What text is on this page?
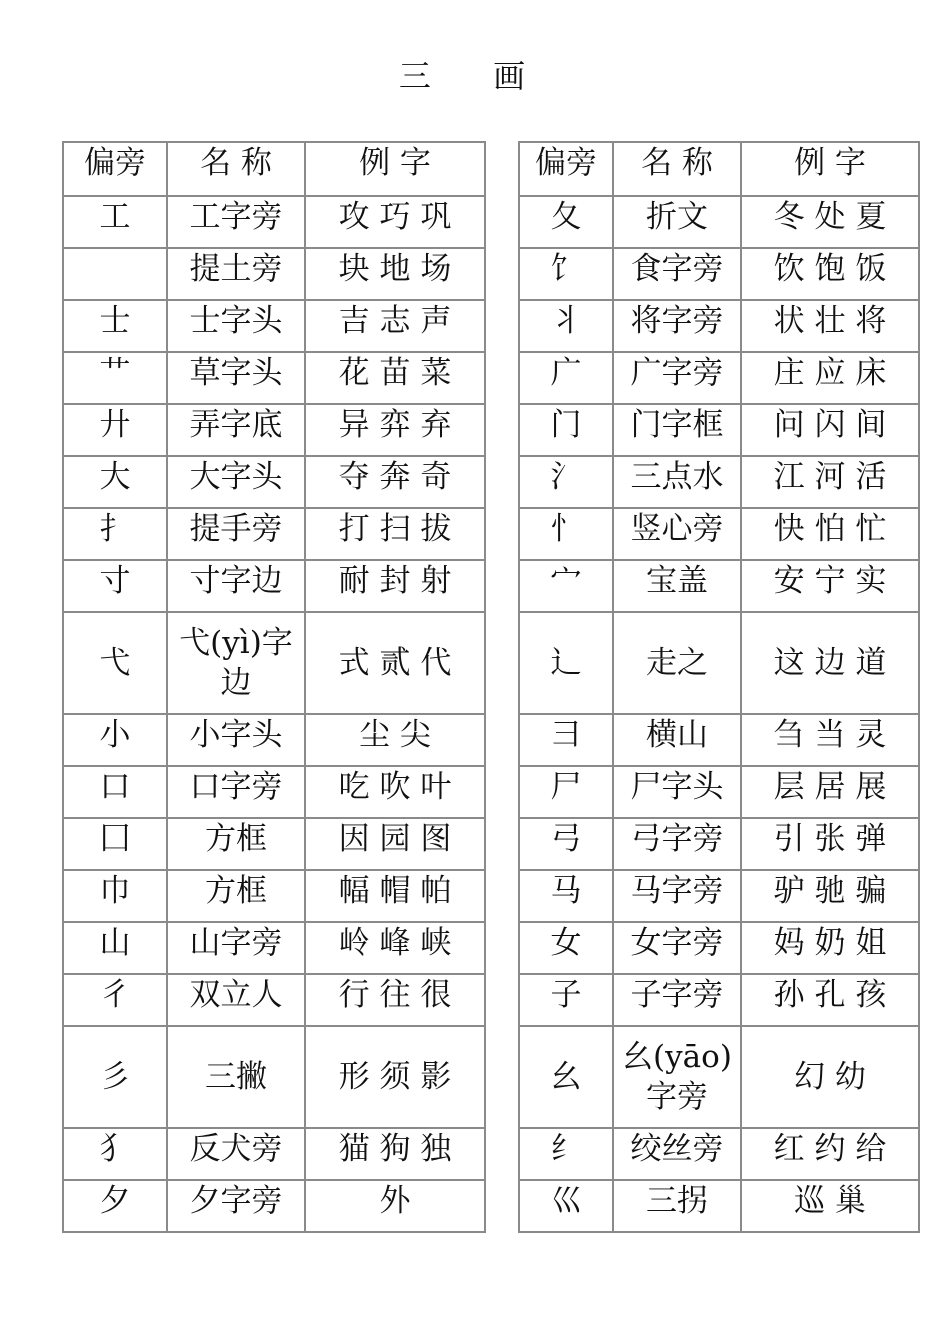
三 画
偏旁	名 称	例 字		偏旁	名 称	例 字
工	工字旁	攻 巧 巩		夂	折文	冬 处 夏
	提土旁	块 地 场		饣	食字旁	饮 饱 饭
士	士字头	吉 志 声		丬	将字旁	状 壮 将
艹	草字头	花 苗 菜		广	广字旁	庄 应 床
廾	弄字底	异 弈 弃		门	门字框	问 闪 间
大	大字头	夺 奔 奇		氵	三点水	江 河 活
扌	提手旁	打 扫 拔		忄	竖心旁	快 怕 忙
寸	寸字边	耐 封 射		宀	宝盖	安 宁 实
弋	弋(yì)字边	式 贰 代		辶	走之	这 边 道
小	小字头	尘 尖		彐	横山	刍 当 灵
口	口字旁	吃 吹 叶		尸	尸字头	层 居 展
囗	方框	因 园 图		弓	弓字旁	引 张 弹
巾	方框	幅 帽 帕		马	马字旁	驴 驰 骗
山	山字旁	岭 峰 峡		女	女字旁	妈 奶 姐
彳	双立人	行 往 很		子	子字旁	孙 孔 孩
彡	三撇	形 须 影		幺	幺(yāo)字旁	幻 幼
犭	反犬旁	猫 狗 独		纟	绞丝旁	红 约 给
夕	夕字旁	外		巛	三拐	巡 巢
